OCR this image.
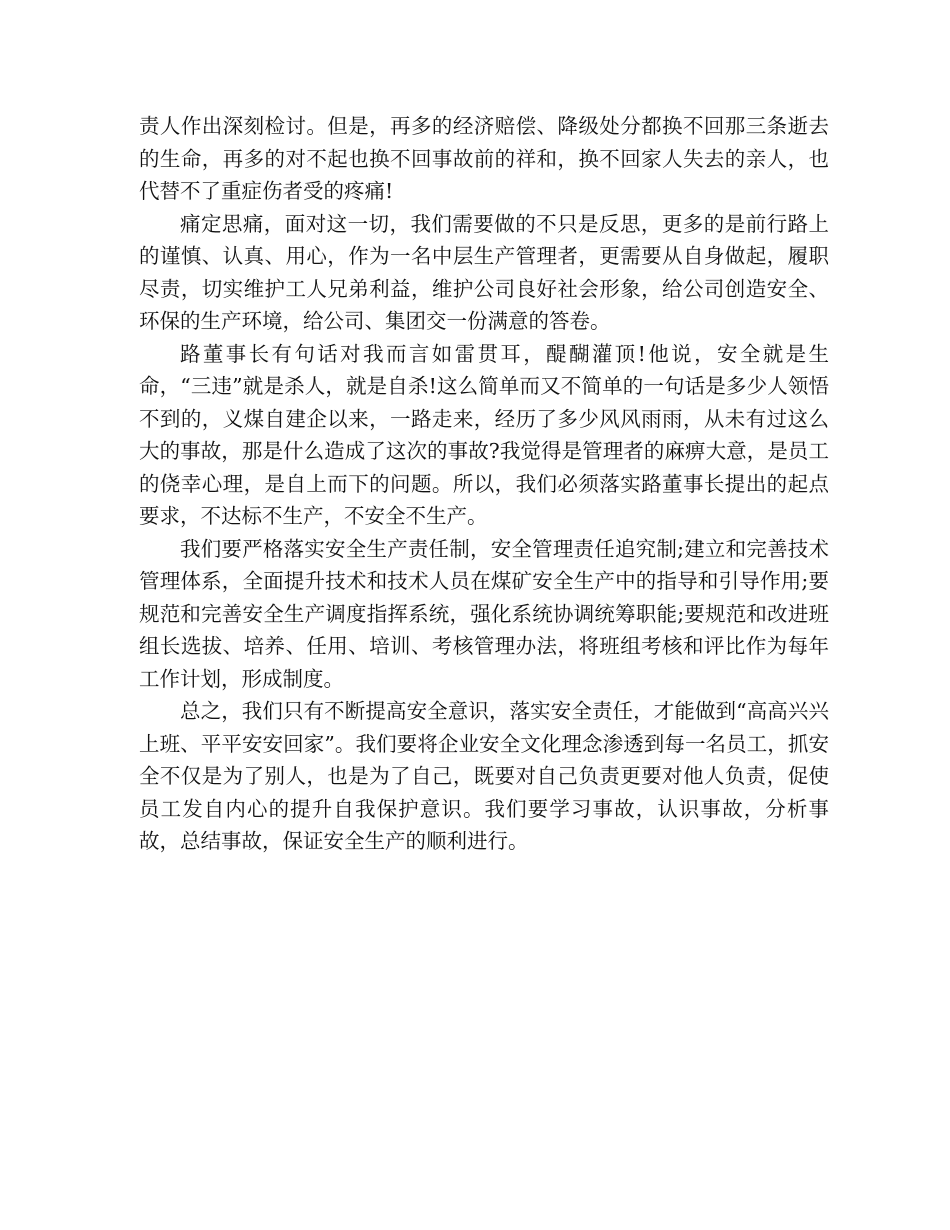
责人作出深刻检讨。但是，再多的经济赔偿、降级处分都换不回那三条逝去的生命，再多的对不起也换不回事故前的祥和，换不回家人失去的亲人，也代替不了重症伤者受的疼痛!

痛定思痛，面对这一切，我们需要做的不只是反思，更多的是前行路上的谨慎、认真、用心，作为一名中层生产管理者，更需要从自身做起，履职尽责，切实维护工人兄弟利益，维护公司良好社会形象，给公司创造安全、环保的生产环境，给公司、集团交一份满意的答卷。

路董事长有句话对我而言如雷贯耳，醍醐灌顶!他说，安全就是生命，“三违”就是杀人，就是自杀!这么简单而又不简单的一句话是多少人领悟不到的，义煤自建企以来，一路走来，经历了多少风风雨雨，从未有过这么大的事故，那是什么造成了这次的事故?我觉得是管理者的麻痹大意，是员工的侥幸心理，是自上而下的问题。所以，我们必须落实路董事长提出的起点要求，不达标不生产，不安全不生产。

我们要严格落实安全生产责任制，安全管理责任追究制;建立和完善技术管理体系，全面提升技术和技术人员在煤矿安全生产中的指导和引导作用;要规范和完善安全生产调度指挥系统，强化系统协调统筹职能;要规范和改进班组长选拔、培养、任用、培训、考核管理办法，将班组考核和评比作为每年工作计划，形成制度。

总之，我们只有不断提高安全意识，落实安全责任，才能做到“高高兴兴上班、平平安安回家”。我们要将企业安全文化理念渗透到每一名员工，抓安全不仅是为了别人，也是为了自己，既要对自己负责更要对他人负责，促使员工发自内心的提升自我保护意识。我们要学习事故，认识事故，分析事故，总结事故，保证安全生产的顺利进行。
